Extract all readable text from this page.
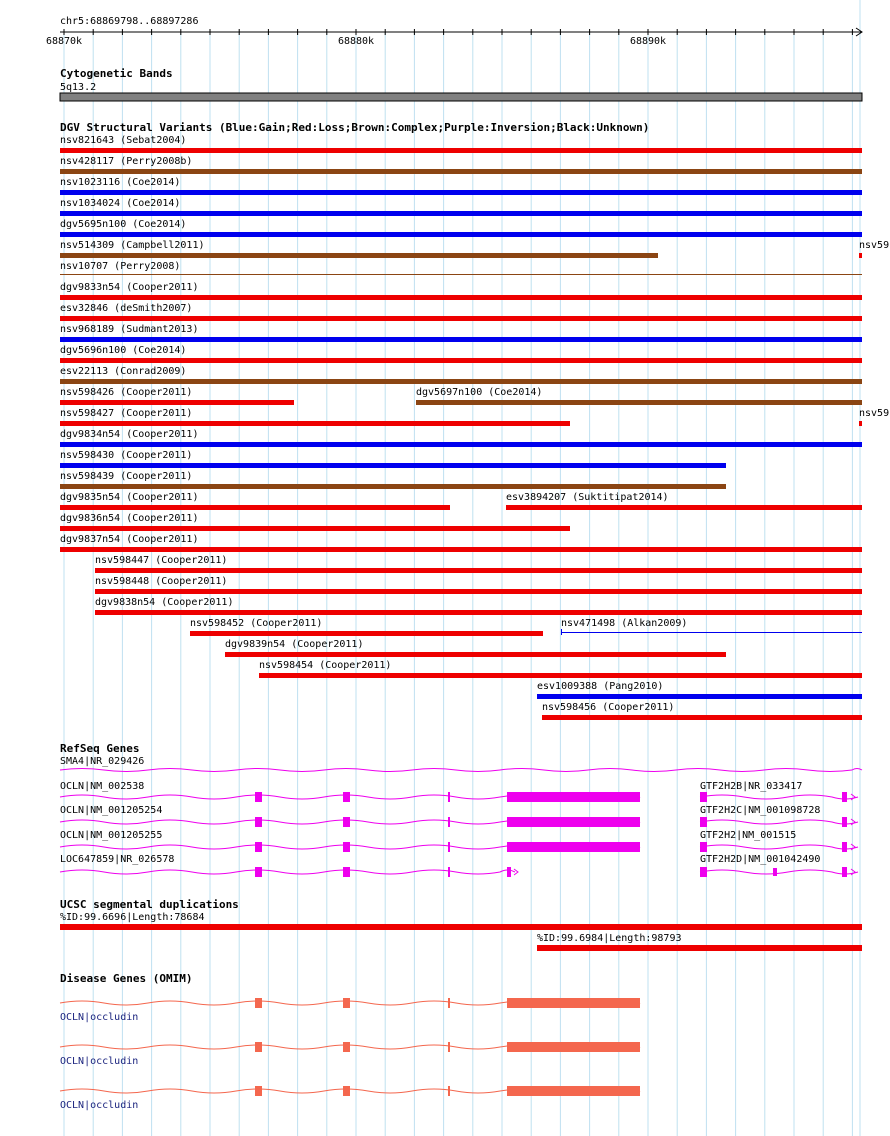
chr5:68869798..68897286
68870k	68880k	68890k
Cytogenetic Bands
5q13.2
DGV Structural Variants (Blue:Gain;Red:Loss;Brown:Complex;Purple:Inversion;Black:Unknown)
nsv821643 (Sebat2004)
nsv428117 (Perry2008b)
nsv1023116 (Coe2014)
nsv1034024 (Coe2014)
dgv5695n100 (Coe2014)
nsv514309 (Campbell2011)	nsv59
nsv10707 (Perry2008)
dgv9833n54 (Cooper2011)
esv32846 (deSmith2007)
nsv968189 (Sudmant2013)
dgv5696n100 (Coe2014)
esv22113 (Conrad2009)
nsv598426 (Cooper2011)	dgv5697n100 (Coe2014)
nsv598427 (Cooper2011)	nsv59
dgv9834n54 (Cooper2011)
nsv598430 (Cooper2011)
nsv598439 (Cooper2011)
dgv9835n54 (Cooper2011)	esv3894207 (Suktitipat2014)
dgv9836n54 (Cooper2011)
dgv9837n54 (Cooper2011)
nsv598447 (Cooper2011)
nsv598448 (Cooper2011)
dgv9838n54 (Cooper2011)
nsv598452 (Cooper2011)	nsv471498 (Alkan2009)
dgv9839n54 (Cooper2011)
nsv598454 (Cooper2011)
esv1009388 (Pang2010)
nsv598456 (Cooper2011)
RefSeq Genes
SMA4|NR_029426
OCLN|NM_002538	GTF2H2B|NR_033417
OCLN|NM_001205254	GTF2H2C|NM_001098728
OCLN|NM_001205255	GTF2H2|NM_001515
LOC647859|NR_026578	GTF2H2D|NM_001042490
UCSC segmental duplications
%ID:99.6696|Length:78684
%ID:99.6984|Length:98793
Disease Genes (OMIM)
OCLN|occludin
OCLN|occludin
OCLN|occludin
